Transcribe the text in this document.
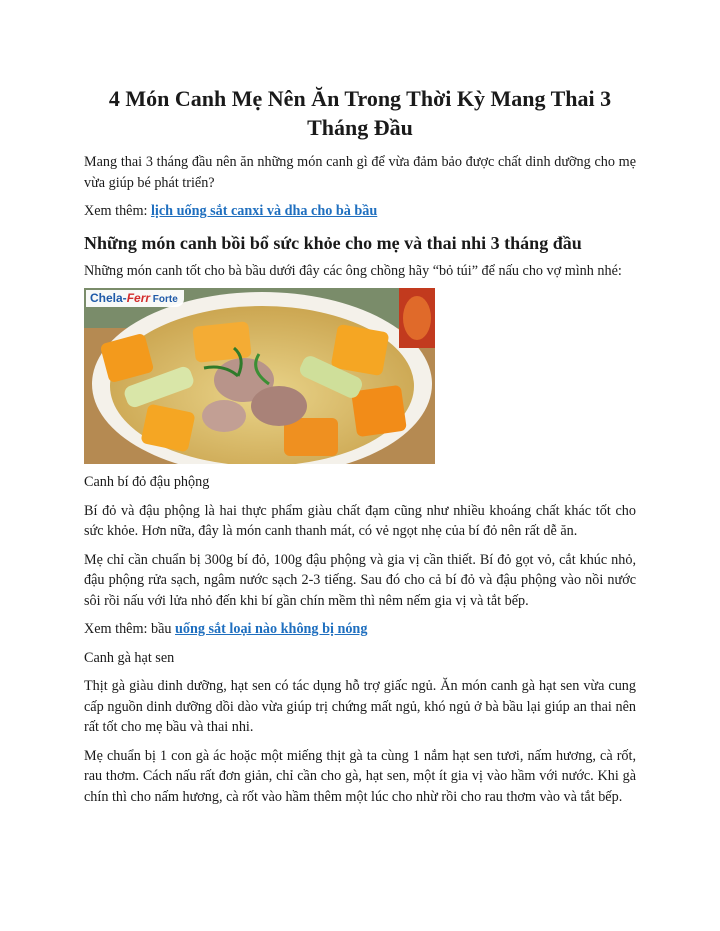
4 Món Canh Mẹ Nên Ăn Trong Thời Kỳ Mang Thai 3 Tháng Đầu

Mang thai 3 tháng đầu nên ăn những món canh gì để vừa đảm bảo được chất dinh dưỡng cho mẹ vừa giúp bé phát triển?

Xem thêm: lịch uống sắt canxi và dha cho bà bầu

Những món canh bồi bổ sức khỏe cho mẹ và thai nhi 3 tháng đầu

Những món canh tốt cho bà bầu dưới đây các ông chồng hãy “bỏ túi” để nấu cho vợ mình nhé:

Chela-Ferr Forte

Canh bí đỏ đậu phộng

Bí đỏ và đậu phộng là hai thực phẩm giàu chất đạm cũng như nhiều khoáng chất khác tốt cho sức khỏe. Hơn nữa, đây là món canh thanh mát, có vẻ ngọt nhẹ của bí đỏ nên rất dễ ăn.

Mẹ chỉ cần chuẩn bị 300g bí đỏ, 100g đậu phộng và gia vị cần thiết. Bí đỏ gọt vỏ, cắt khúc nhỏ, đậu phộng rửa sạch, ngâm nước sạch 2-3 tiếng. Sau đó cho cả bí đỏ và đậu phộng vào nồi nước sôi rồi nấu với lửa nhỏ đến khi bí gần chín mềm thì nêm nếm gia vị và tắt bếp.

Xem thêm: bầu uống sắt loại nào không bị nóng

Canh gà hạt sen

Thịt gà giàu dinh dưỡng, hạt sen có tác dụng hỗ trợ giấc ngủ. Ăn món canh gà hạt sen vừa cung cấp nguồn dinh dưỡng dồi dào vừa giúp trị chứng mất ngủ, khó ngủ ở bà bầu lại giúp an thai nên rất tốt cho mẹ bầu và thai nhi.

Mẹ chuẩn bị 1 con gà ác hoặc một miếng thịt gà ta cùng 1 nắm hạt sen tươi, nấm hương, cà rốt, rau thơm. Cách nấu rất đơn giản, chỉ cần cho gà, hạt sen, một ít gia vị vào hầm với nước. Khi gà chín thì cho nấm hương, cà rốt vào hầm thêm một lúc cho nhừ rồi cho rau thơm vào và tắt bếp.
